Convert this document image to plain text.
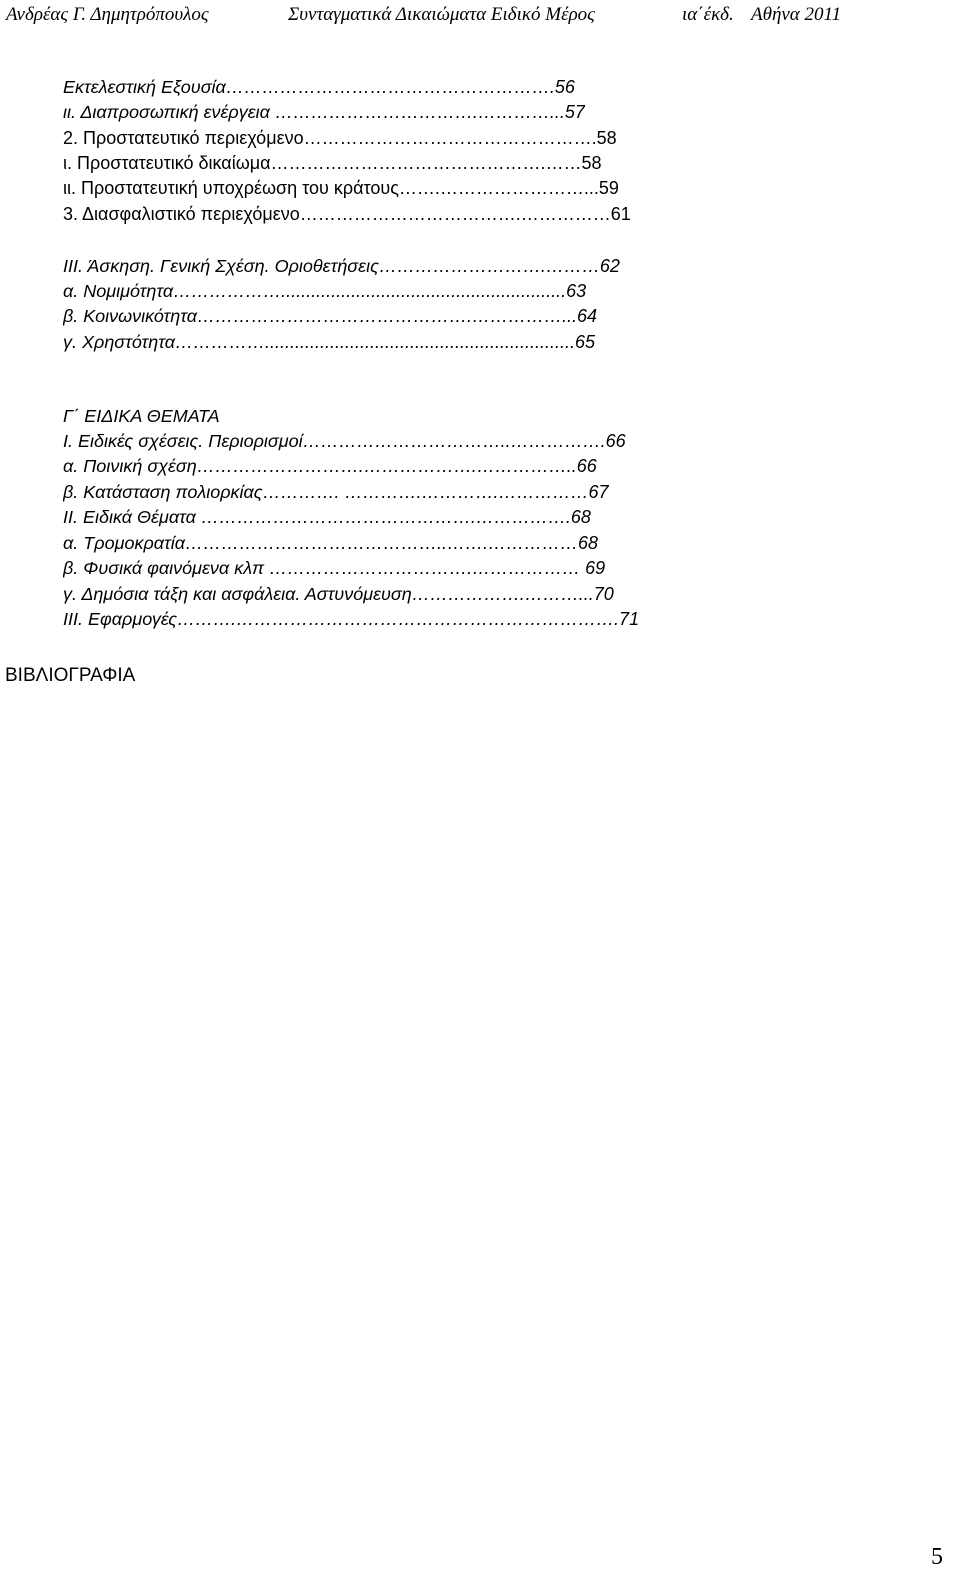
Ανδρέας Γ. Δημητρόπουλος	Συνταγματικά Δικαιώματα Ειδικό Μέρος	ια΄έκδ. Αθήνα 2011
Εκτελεστική Εξουσία……………………………………………….56
ιι. Διαπροσωπική ενέργεια …………………………….…………...57
2. Προστατευτικό περιεχόμενο………………………………………….58
ι. Προστατευτικό δικαίωμα……………………………………….……58
ιι. Προστατευτική υποχρέωση του κράτους…….……………………...59
3. Διασφαλιστικό περιεχόμενο……………………………….……………61
ΙΙΙ. Άσκηση. Γενική Σχέση. Οριοθετήσεις……………………….………62
α. Νομιμότητα……………….........................................................63
β. Κοινωνικότητα……………………………………….……………...64
γ. Χρηστότητα……………..............................................................65
Γ΄ ΕΙΔΙΚΑ ΘΕΜΑΤΑ
Ι. Ειδικές σχέσεις. Περιορισμοί……………………………..…………….66
α. Ποινική σχέση……………………….……………….……………..66
β. Κατάσταση πολιορκίας…………. ………….………….……………67
ΙΙ. Ειδικά Θέματα ……………………………………….…………….68
α. Τρομοκρατία……………………………………..…….……………68
β. Φυσικά φαινόμενα κλπ …………………………….……………… 69
γ. Δημόσια τάξη και ασφάλεια. Αστυνόμευση……………….………...70
ΙΙΙ. Εφαρμογές……….……………………………………………………….71
ΒΙΒΛΙΟΓΡΑΦΙΑ
5
